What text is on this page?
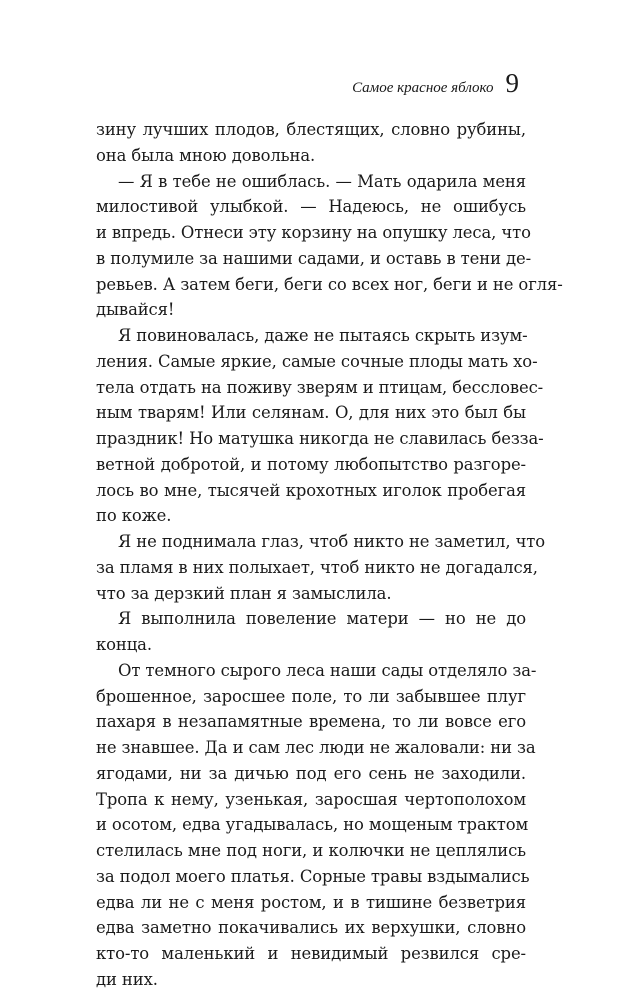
Самое красное яблоко 9

зину лучших плодов, блестящих, словно рубины,
она была мною довольна.

— Я в тебе не ошиблась. — Мать одарила меня
милостивой улыбкой. — Надеюсь, не ошибусь
и впредь. Отнеси эту корзину на опушку леса, что
в полумиле за нашими садами, и оставь в тени де-
ревьев. А затем беги, беги со всех ног, беги и не огля-
дывайся!

Я повиновалась, даже не пытаясь скрыть изум-
ления. Самые яркие, самые сочные плоды мать хо-
тела отдать на поживу зверям и птицам, бессловес-
ным тварям! Или селянам. О, для них это был бы
праздник! Но матушка никогда не славилась безза-
ветной добротой, и потому любопытство разгоре-
лось во мне, тысячей крохотных иголок пробегая
по коже.

Я не поднимала глаз, чтоб никто не заметил, что
за пламя в них полыхает, чтоб никто не догадался,
что за дерзкий план я замыслила.

Я выполнила повеление матери — но не до
конца.

От темного сырого леса наши сады отделяло за-
брошенное, заросшее поле, то ли забывшее плуг
пахаря в незапамятные времена, то ли вовсе его
не знавшее. Да и сам лес люди не жаловали: ни за
ягодами, ни за дичью под его сень не заходили.
Тропа к нему, узенькая, заросшая чертополохом
и осотом, едва угадывалась, но мощеным трактом
стелилась мне под ноги, и колючки не цеплялись
за подол моего платья. Сорные травы вздымались
едва ли не с меня ростом, и в тишине безветрия
едва заметно покачивались их верхушки, словно
кто-то маленький и невидимый резвился сре-
ди них.
